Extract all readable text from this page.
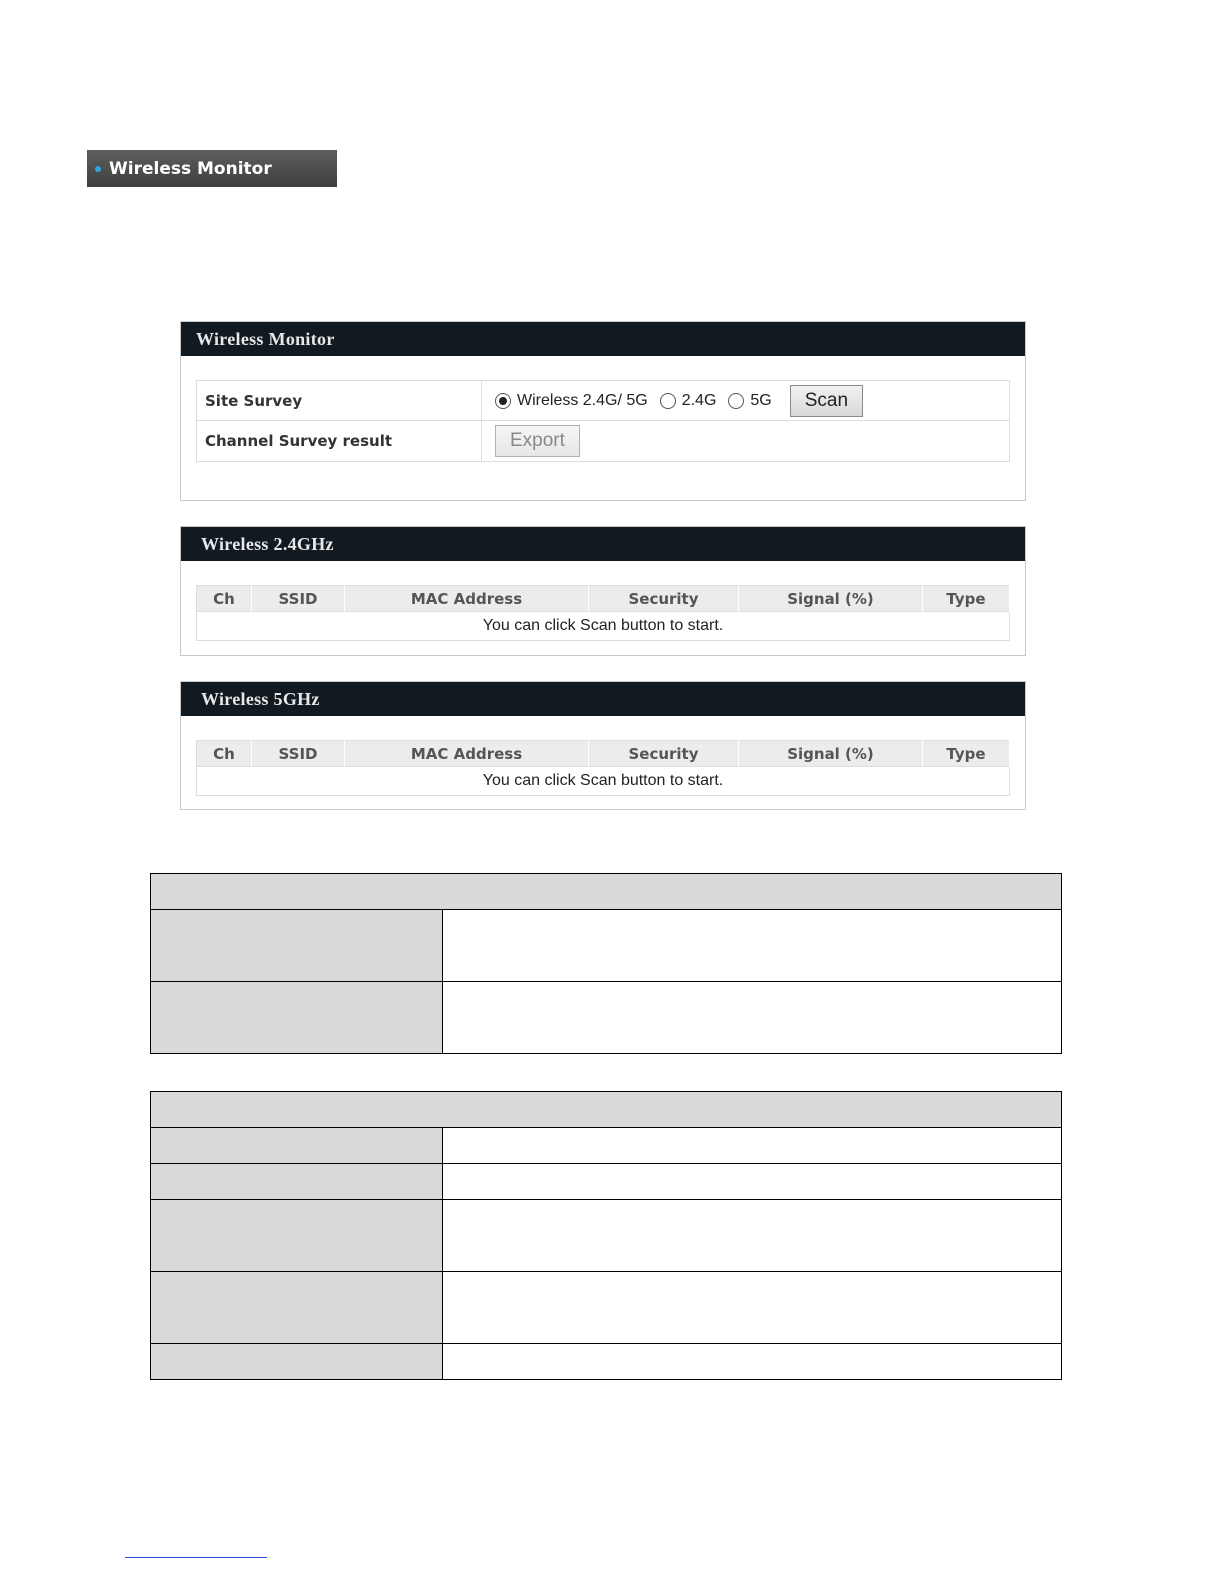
Wireless Monitor
Wireless Monitor
Site Survey	Wireless 2.4G/ 5G 2.4G 5G	Scan
Channel Survey result	Export
Wireless 2.4GHz
Ch	SSID	MAC Address	Security	Signal (%)	Type
You can click Scan button to start.
Wireless 5GHz
Ch	SSID	MAC Address	Security	Signal (%)	Type
You can click Scan button to start.
